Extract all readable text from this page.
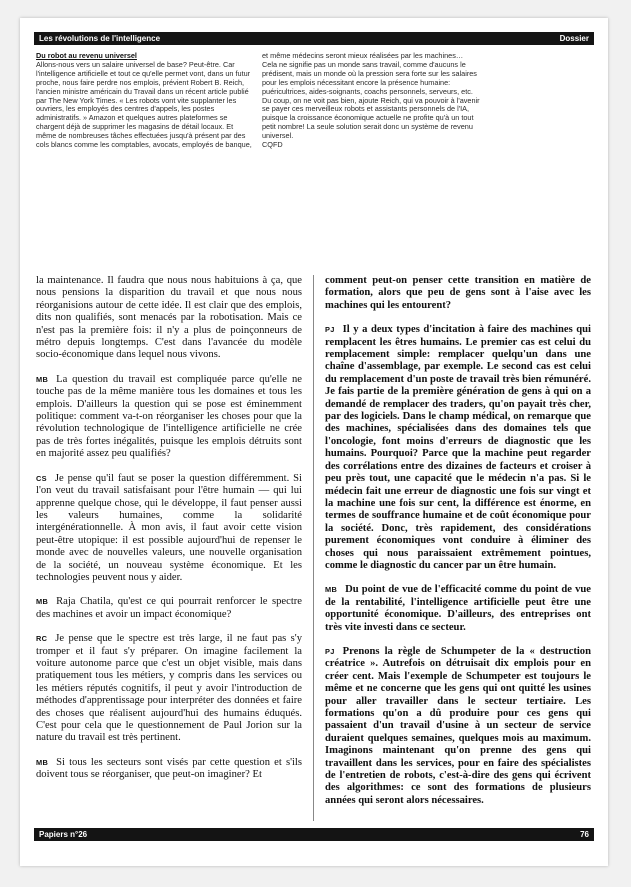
Les révolutions de l'intelligence	Dossier

Du robot au revenu universel

Allons-nous vers un salaire universel de base? Peut-être. Car l'intelligence artificielle et tout ce qu'elle permet vont, dans un futur proche, nous faire perdre nos emplois, prévient Robert B. Reich, l'ancien ministre américain du Travail dans un récent article publié par The New York Times. « Les robots vont vite supplanter les ouvriers, les employés des centres d'appels, les postes administratifs. » Amazon et quelques autres plateformes se chargent déjà de supprimer les magasins de détail locaux. Et même de nombreuses tâches effectuées jusqu'à présent par des cols blancs comme les comptables, avocats, employés de banque,

et même médecins seront mieux réalisées par les machines… Cela ne signifie pas un monde sans travail, comme d'aucuns le prédisent, mais un monde où la pression sera forte sur les salaires pour les emplois nécessitant encore la présence humaine: puéricultrices, aides-soignants, coachs personnels, serveurs, etc. Du coup, on ne voit pas bien, ajoute Reich, qui va pouvoir à l'avenir se payer ces merveilleux robots et assistants personnels de l'IA, puisque la croissance économique actuelle ne profite qu'à un tout petit nombre! La seule solution serait donc un système de revenu universel.

CQFD

la maintenance. Il faudra que nous nous habituions à ça, que nous pensions la disparition du travail et que nous nous réorganisions autour de cette idée. Il est clair que des emplois, dits non qualifiés, sont menacés par la robotisation. Mais ce n'est pas la première fois: il n'y a plus de poinçonneurs de métro depuis longtemps. C'est dans l'avancée du modèle socio-économique dans lequel nous vivons.

MB La question du travail est compliquée parce qu'elle ne touche pas de la même manière tous les domaines et tous les emplois. D'ailleurs la question qui se pose est éminemment politique: comment va-t-on réorganiser les choses pour que la révolution technologique de l'intelligence artificielle ne crée pas de très fortes inégalités, puisque les emplois détruits sont en majorité assez peu qualifiés?

CS Je pense qu'il faut se poser la question différemment. Si l'on veut du travail satisfaisant pour l'être humain — qui lui apprenne quelque chose, qui le développe, il faut penser aussi les valeurs humaines, comme la solidarité intergénérationnelle. À mon avis, il faut avoir cette vision peut-être utopique: il est possible aujourd'hui de repenser le monde avec de nouvelles valeurs, une nouvelle organisation de la société, un nouveau système économique. Et les technologies peuvent nous y aider.

MB Raja Chatila, qu'est ce qui pourrait renforcer le spectre des machines et avoir un impact économique?

RC Je pense que le spectre est très large, il ne faut pas s'y tromper et il faut s'y préparer. On imagine facilement la voiture autonome parce que c'est un objet visible, mais dans pratiquement tous les métiers, y compris dans les services ou les métiers réputés cognitifs, il peut y avoir l'introduction de méthodes d'apprentissage pour interpréter des données et faire des choses que réalisent aujourd'hui des humains éduqués. C'est pour cela que le questionnement de Paul Jorion sur la nature du travail est très pertinent.

MB Si tous les secteurs sont visés par cette question et s'ils doivent tous se réorganiser, que peut-on imaginer? Et

comment peut-on penser cette transition en matière de formation, alors que peu de gens sont à l'aise avec les machines qui les entourent?

PJ Il y a deux types d'incitation à faire des machines qui remplacent les êtres humains. Le premier cas est celui du remplacement simple: remplacer quelqu'un dans une chaîne d'assemblage, par exemple. Le second cas est celui du remplacement d'un poste de travail très bien rémunéré. Je fais partie de la première génération de gens à qui on a demandé de remplacer des traders, qu'on payait très cher, par des logiciels. Dans le champ médical, on remarque que des machines, spécialisées dans des domaines tels que l'oncologie, font moins d'erreurs de diagnostic que les humains. Pourquoi? Parce que la machine peut regarder des corrélations entre des dizaines de facteurs et croiser à peu près tout, une capacité que le médecin n'a pas. Si le médecin fait une erreur de diagnostic une fois sur vingt et la machine une fois sur cent, la différence est énorme, en termes de souffrance humaine et de coût économique pour la société. Donc, très rapidement, des considérations purement économiques vont conduire à éliminer des choses qui nous paraissaient extrêmement pointues, comme le diagnostic du cancer par un être humain.

MB Du point de vue de l'efficacité comme du point de vue de la rentabilité, l'intelligence artificielle peut être une opportunité économique. D'ailleurs, des entreprises ont très vite investi dans ce secteur.

PJ Prenons la règle de Schumpeter de la « destruction créatrice ». Autrefois on détruisait dix emplois pour en créer cent. Mais l'exemple de Schumpeter est toujours le même et ne concerne que les gens qui ont quitté les usines pour aller travailler dans le secteur tertiaire. Les formations qu'on a dû produire pour ces gens qui passaient d'un travail d'usine à un secteur de service duraient quelques semaines, quelques mois au maximum. Imaginons maintenant qu'on prenne des gens qui travaillent dans les services, pour en faire des spécialistes de l'entretien de robots, c'est-à-dire des gens qui écrivent des algorithmes: ce sont des formations de plusieurs années qui seront alors nécessaires.

Papiers n°26	76
